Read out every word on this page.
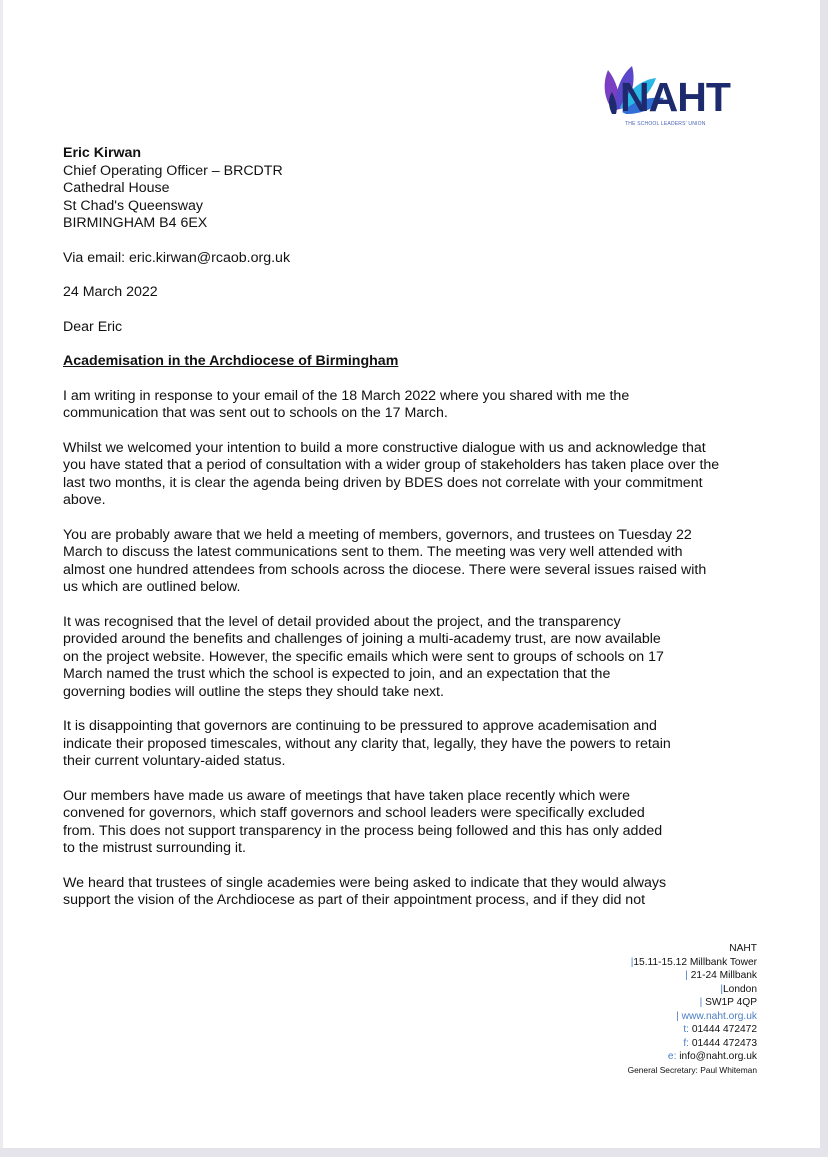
NAHT
THE SCHOOL LEADERS' UNION
Eric Kirwan
Chief Operating Officer – BRCDTR
Cathedral House
St Chad's Queensway
BIRMINGHAM B4 6EX
Via email: eric.kirwan@rcaob.org.uk
24 March 2022
Dear Eric
Academisation in the Archdiocese of Birmingham
I am writing in response to your email of the 18 March 2022 where you shared with me the
communication that was sent out to schools on the 17 March.
Whilst we welcomed your intention to build a more constructive dialogue with us and acknowledge that
you have stated that a period of consultation with a wider group of stakeholders has taken place over the
last two months, it is clear the agenda being driven by BDES does not correlate with your commitment
above.
You are probably aware that we held a meeting of members, governors, and trustees on Tuesday 22
March to discuss the latest communications sent to them. The meeting was very well attended with
almost one hundred attendees from schools across the diocese. There were several issues raised with
us which are outlined below.
It was recognised that the level of detail provided about the project, and the transparency
provided around the benefits and challenges of joining a multi-academy trust, are now available
on the project website. However, the specific emails which were sent to groups of schools on 17
March named the trust which the school is expected to join, and an expectation that the
governing bodies will outline the steps they should take next.
It is disappointing that governors are continuing to be pressured to approve academisation and
indicate their proposed timescales, without any clarity that, legally, they have the powers to retain
their current voluntary-aided status.
Our members have made us aware of meetings that have taken place recently which were
convened for governors, which staff governors and school leaders were specifically excluded
from. This does not support transparency in the process being followed and this has only added
to the mistrust surrounding it.
We heard that trustees of single academies were being asked to indicate that they would always
support the vision of the Archdiocese as part of their appointment process, and if they did not
NAHT
|15.11-15.12 Millbank Tower
| 21-24 Millbank
|London
| SW1P 4QP
| www.naht.org.uk
t: 01444 472472
f: 01444 472473
e: info@naht.org.uk
General Secretary: Paul Whiteman
